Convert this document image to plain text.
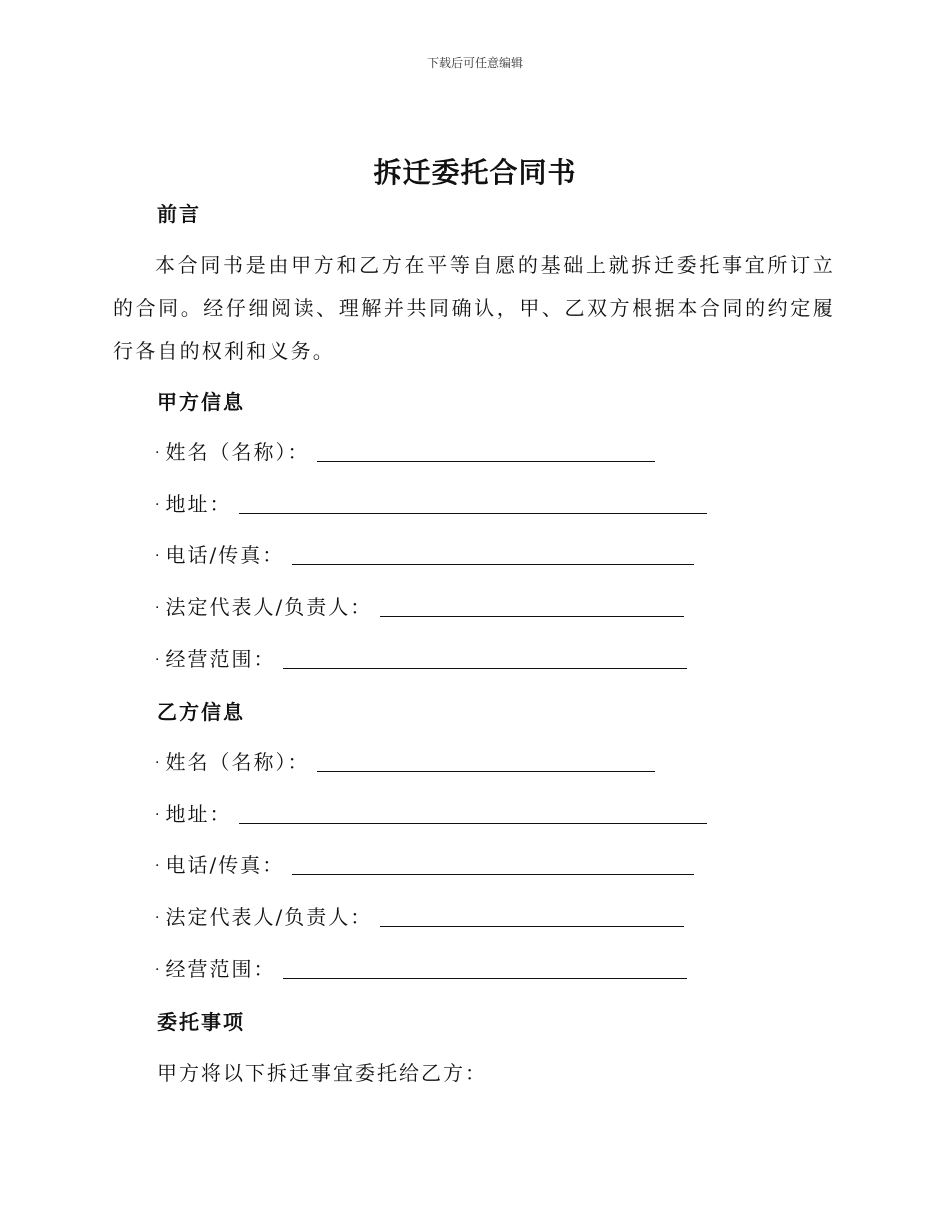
下载后可任意编辑
拆迁委托合同书
前言
本合同书是由甲方和乙方在平等自愿的基础上就拆迁委托事宜所订立的合同。经仔细阅读、理解并共同确认，甲、乙双方根据本合同的约定履行各自的权利和义务。
甲方信息
· 姓名（名称）：
· 地址：
· 电话/传真：
· 法定代表人/负责人：
· 经营范围：
乙方信息
· 姓名（名称）：
· 地址：
· 电话/传真：
· 法定代表人/负责人：
· 经营范围：
委托事项
甲方将以下拆迁事宜委托给乙方：
